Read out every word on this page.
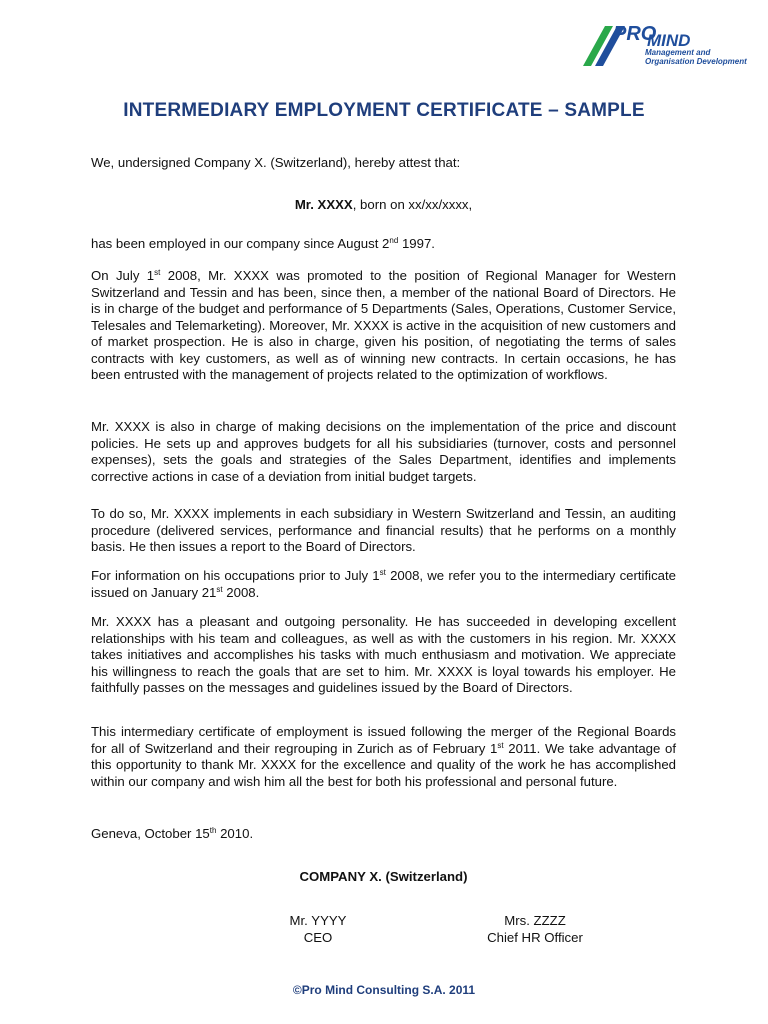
PRO
MIND
Management and
Organisation Development
INTERMEDIARY EMPLOYMENT CERTIFICATE – SAMPLE
We, undersigned Company X. (Switzerland), hereby attest that:
Mr. XXXX, born on xx/xx/xxxx,
has been employed in our company since August 2nd 1997.
On July 1st 2008, Mr. XXXX was promoted to the position of Regional Manager for Western Switzerland and Tessin and has been, since then, a member of the national Board of Directors. He is in charge of the budget and performance of 5 Departments (Sales, Operations, Customer Service, Telesales and Telemarketing). Moreover, Mr. XXXX is active in the acquisition of new customers and of market prospection. He is also in charge, given his position, of negotiating the terms of sales contracts with key customers, as well as of winning new contracts. In certain occasions, he has been entrusted with the management of projects related to the optimization of workflows.
Mr. XXXX is also in charge of making decisions on the implementation of the price and discount policies. He sets up and approves budgets for all his subsidiaries (turnover, costs and personnel expenses), sets the goals and strategies of the Sales Department, identifies and implements corrective actions in case of a deviation from initial budget targets.
To do so, Mr. XXXX implements in each subsidiary in Western Switzerland and Tessin, an auditing procedure (delivered services, performance and financial results) that he performs on a monthly basis. He then issues a report to the Board of Directors.
For information on his occupations prior to July 1st 2008, we refer you to the intermediary certificate issued on January 21st 2008.
Mr. XXXX has a pleasant and outgoing personality. He has succeeded in developing excellent relationships with his team and colleagues, as well as with the customers in his region. Mr. XXXX takes initiatives and accomplishes his tasks with much enthusiasm and motivation. We appreciate his willingness to reach the goals that are set to him. Mr. XXXX is loyal towards his employer. He faithfully passes on the messages and guidelines issued by the Board of Directors.
This intermediary certificate of employment is issued following the merger of the Regional Boards for all of Switzerland and their regrouping in Zurich as of February 1st 2011. We take advantage of this opportunity to thank Mr. XXXX for the excellence and quality of the work he has accomplished within our company and wish him all the best for both his professional and personal future.
Geneva, October 15th 2010.
COMPANY X. (Switzerland)
Mr. YYYY
CEO
Mrs. ZZZZ
Chief HR Officer
©Pro Mind Consulting S.A. 2011
